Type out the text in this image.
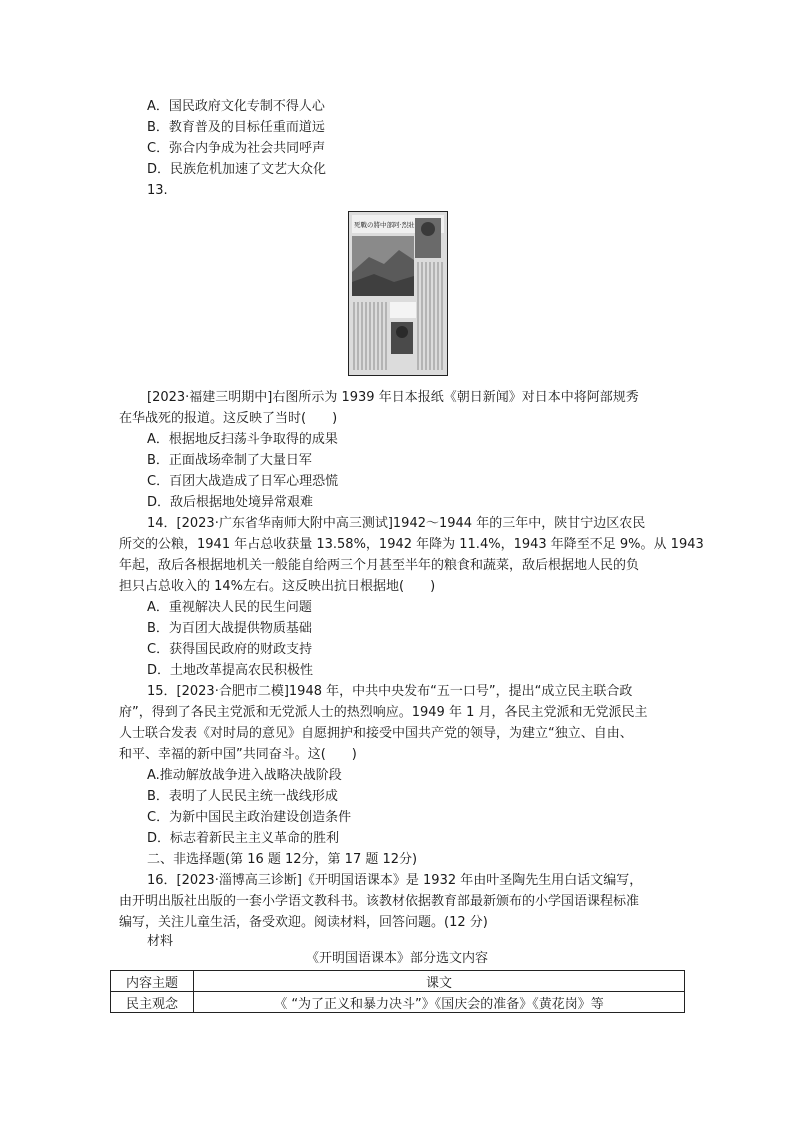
A．国民政府文化专制不得人心
B．教育普及的目标任重而道远
C．弥合内争成为社会共同呼声
D．民族危机加速了文艺大众化
13.
死戰の將中部阿·烈壯
[2023·福建三明期中]右图所示为 1939 年日本报纸《朝日新闻》对日本中将阿部规秀
在华战死的报道。这反映了当时(　　)
A．根据地反扫荡斗争取得的成果
B．正面战场牵制了大量日军
C．百团大战造成了日军心理恐慌
D．敌后根据地处境异常艰难
14．[2023·广东省华南师大附中高三测试]1942～1944 年的三年中，陕甘宁边区农民
所交的公粮，1941 年占总收获量 13.58%，1942 年降为 11.4%，1943 年降至不足 9%。从 1943
年起，敌后各根据地机关一般能自给两三个月甚至半年的粮食和蔬菜，敌后根据地人民的负
担只占总收入的 14%左右。这反映出抗日根据地(　　)
A．重视解决人民的民生问题
B．为百团大战提供物质基础
C．获得国民政府的财政支持
D．土地改革提高农民积极性
15．[2023·合肥市二模]1948 年，中共中央发布“五一口号”，提出“成立民主联合政
府”，得到了各民主党派和无党派人士的热烈响应。1949 年 1 月，各民主党派和无党派民主
人士联合发表《对时局的意见》自愿拥护和接受中国共产党的领导，为建立“独立、自由、
和平、幸福的新中国”共同奋斗。这(　　)
A.推动解放战争进入战略决战阶段
B．表明了人民民主统一战线形成
C．为新中国民主政治建设创造条件
D．标志着新民主主义革命的胜利
二、非选择题(第 16 题 12分，第 17 题 12分)
16．[2023·淄博高三诊断]《开明国语课本》是 1932 年由叶圣陶先生用白话文编写，
由开明出版社出版的一套小学语文教科书。该教材依据教育部最新颁布的小学国语课程标准
编写，关注儿童生活，备受欢迎。阅读材料，回答问题。(12 分)
材料
《开明国语课本》部分选文内容
内容主题	课文
民主观念	《 “为了正义和暴力决斗”》《国庆会的准备》《黄花岗》等
